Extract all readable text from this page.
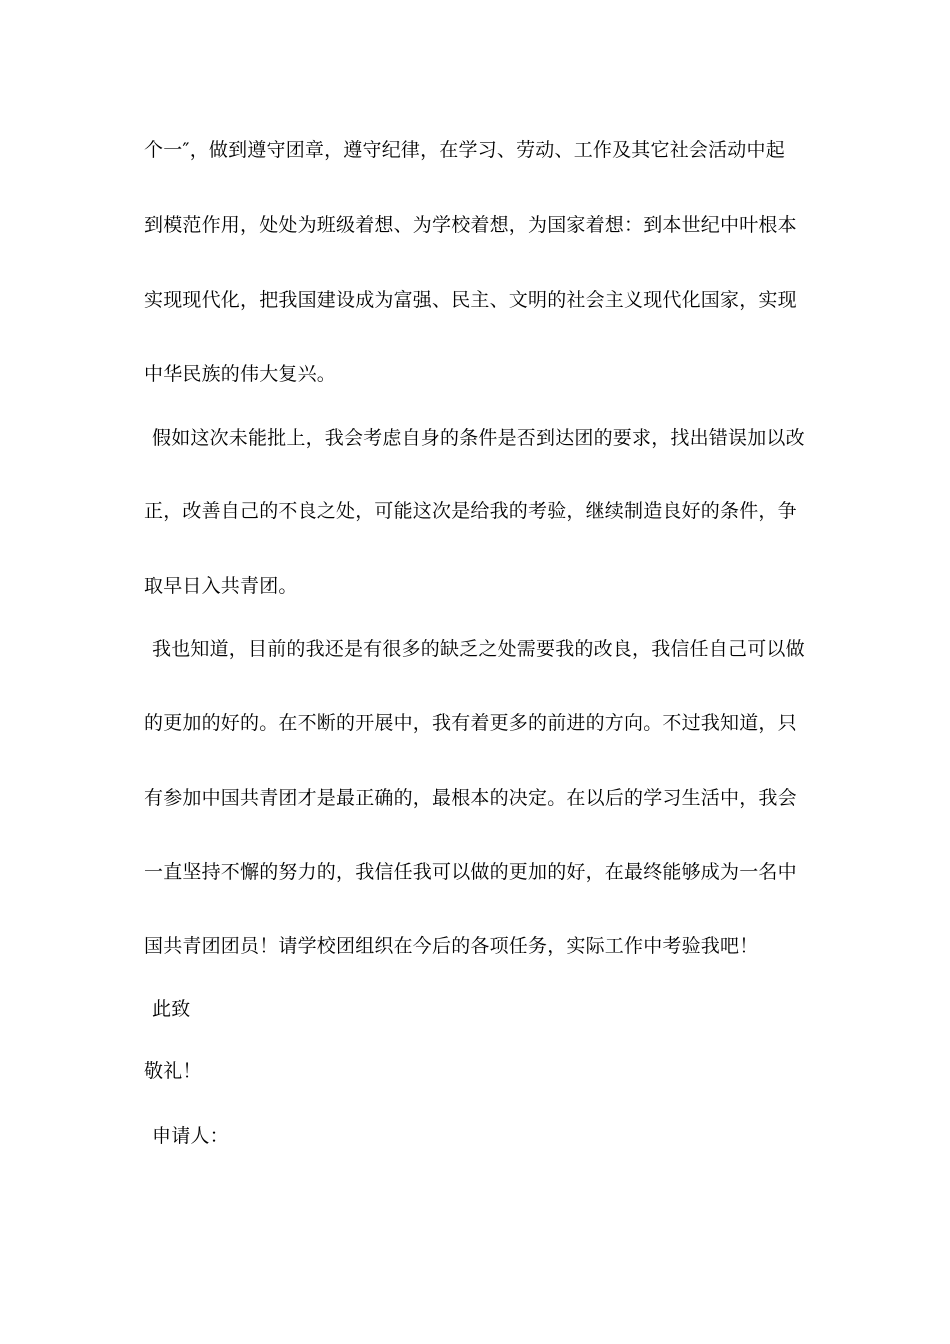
个一″，做到遵守团章，遵守纪律，在学习、劳动、工作及其它社会活动中起
到模范作用，处处为班级着想、为学校着想，为国家着想：到本世纪中叶根本
实现现代化，把我国建设成为富强、民主、文明的社会主义现代化国家，实现
中华民族的伟大复兴。
假如这次未能批上，我会考虑自身的条件是否到达团的要求，找出错误加以改
正，改善自己的不良之处，可能这次是给我的考验，继续制造良好的条件，争
取早日入共青团。
我也知道，目前的我还是有很多的缺乏之处需要我的改良，我信任自己可以做
的更加的好的。在不断的开展中，我有着更多的前进的方向。不过我知道，只
有参加中国共青团才是最正确的，最根本的决定。在以后的学习生活中，我会
一直坚持不懈的努力的，我信任我可以做的更加的好，在最终能够成为一名中
国共青团团员！请学校团组织在今后的各项任务，实际工作中考验我吧！
此致
敬礼！
申请人：
